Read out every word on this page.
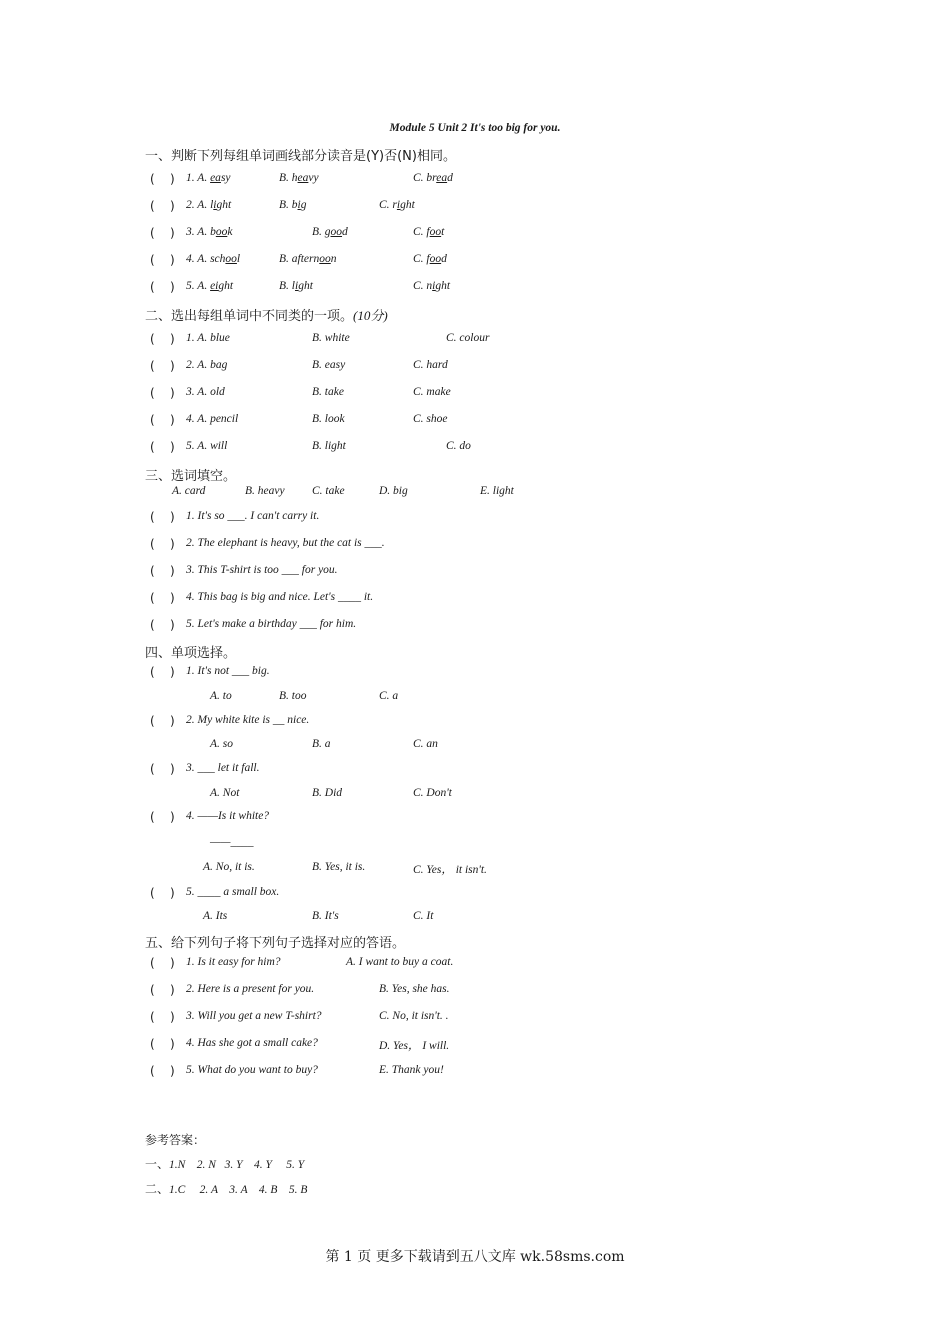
Module 5 Unit 2 It's too big for you.
一、判断下列每组单词画线部分读音是(Y)否(N)相同。
( ) 1. A. easy	B. heavy	C. bread
( ) 2. A. light	B. big	C. right
( ) 3. A. book	B. good	C. foot
( ) 4. A. school	B. afternoon	C. food
( ) 5. A. eight	B. light	C. night
二、选出每组单词中不同类的一项。(10分)
( ) 1. A. blue	B. white	C. colour
( ) 2. A. bag	B. easy	C. hard
( ) 3. A. old	B. take	C. make
( ) 4. A. pencil	B. look	C. shoe
( ) 5. A. will	B. light	C. do
三、选词填空。
A. card	B. heavy C. take	D. big	E. light
( ) 1. It's so ___. I can't carry it.
( ) 2. The elephant is heavy, but the cat is ___.
( ) 3. This T-shirt is too ___ for you.
( ) 4. This bag is big and nice. Let's ____ it.
( ) 5. Let's make a birthday ___ for him.
四、单项选择。
( ) 1. It's not ___ big.
A. to	B. too	C. a
( ) 2. My white kite is __ nice.
A. so	B. a	C. an
( ) 3. ___ let it fall.
A. Not	B. Did	C. Don't
( ) 4. ——Is it white?
——____
A. No, it is.	B. Yes, it is.	C. Yes， it isn't.
( ) 5. ____ a small box.
A. Its	B. It's	C. It
五、给下列句子将下列句子选择对应的答语。
( ) 1. Is it easy for him?	A. I want to buy a coat.
( ) 2. Here is a present for you.	B. Yes, she has.
( ) 3. Will you get a new T-shirt?	C. No, it isn't. .
( ) 4. Has she got a small cake?	D. Yes， I will.
( ) 5. What do you want to buy?	E. Thank you!
参考答案：
一、1.N    2. N   3. Y    4. Y     5. Y
二、1.C     2. A    3. A    4. B    5. B
第 1 页 更多下载请到五八文库 wk.58sms.com
